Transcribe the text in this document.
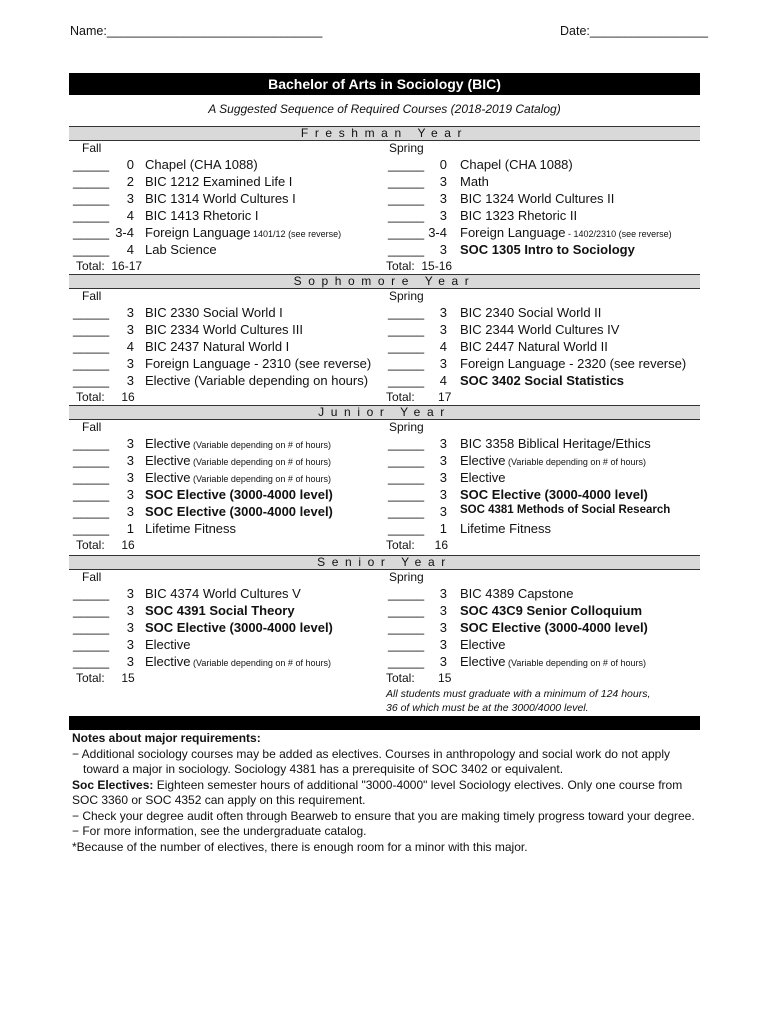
Name:_______________________________	Date:_________________
Bachelor of Arts in Sociology (BIC)
A Suggested Sequence of Required Courses (2018-2019 Catalog)
Freshman Year
Fall
_____	0 Chapel (CHA 1088)
_____	2 BIC 1212 Examined Life I
_____	3 BIC 1314 World Cultures I
_____	4 BIC 1413 Rhetoric I
_____ 3-4 Foreign Language 1401/12 (see reverse)
_____	4 Lab Science
Total:  16-17
Spring
_____	0 Chapel (CHA 1088)
_____	3 Math
_____	3 BIC 1324 World Cultures II
_____	3 BIC 1323 Rhetoric II
_____ 3-4 Foreign Language - 1402/2310 (see reverse)
_____	3 SOC 1305 Intro to Sociology
Total:  15-16
Sophomore Year
Fall
_____	3 BIC 2330 Social World I
_____	3 BIC 2334 World Cultures III
_____	4 BIC 2437 Natural World I
_____	3 Foreign Language - 2310 (see reverse)
_____	3 Elective (Variable depending on hours)
Total:     16
Spring
_____	3 BIC 2340 Social World II
_____	3 BIC 2344 World Cultures IV
_____	4 BIC 2447 Natural World II
_____	3 Foreign Language - 2320 (see reverse)
_____	4 SOC 3402 Social Statistics
Total:       17
Junior Year
Fall
_____	3 Elective (Variable depending on # of hours)
_____	3 Elective (Variable depending on # of hours)
_____	3 Elective (Variable depending on # of hours)
_____	3 SOC Elective (3000-4000 level)
_____	3 SOC Elective (3000-4000 level)
_____	1 Lifetime Fitness
Total:     16
Spring
_____	3 BIC 3358 Biblical Heritage/Ethics
_____	3 Elective (Variable depending on # of hours)
_____	3 Elective
_____	3 SOC Elective (3000-4000 level)
_____	3 SOC 4381 Methods of Social Research
_____	1 Lifetime Fitness
Total:      16
Senior Year
Fall
_____	3 BIC 4374 World Cultures V
_____	3 SOC 4391 Social Theory
_____	3 SOC Elective (3000-4000 level)
_____	3 Elective
_____	3 Elective (Variable depending on # of hours)
Total:     15
Spring
_____	3 BIC 4389 Capstone
_____	3 SOC 43C9 Senior Colloquium
_____	3 SOC Elective (3000-4000 level)
_____	3 Elective
_____	3 Elective (Variable depending on # of hours)
Total:       15
All students must graduate with a minimum of 124 hours,
36 of which must be at the 3000/4000 level.

Notes about major requirements:

− Additional sociology courses may be added as electives. Courses in anthropology and social work do not apply

toward a major in sociology. Sociology 4381 has a prerequisite of SOC 3402 or equivalent.

Soc Electives: Eighteen semester hours of additional "3000-4000" level Sociology electives. Only one course from

SOC 3360 or SOC 4352 can apply on this requirement.

− Check your degree audit often through Bearweb to ensure that you are making timely progress toward your degree.

− For more information, see the undergraduate catalog.

*Because of the number of electives, there is enough room for a minor with this major.
